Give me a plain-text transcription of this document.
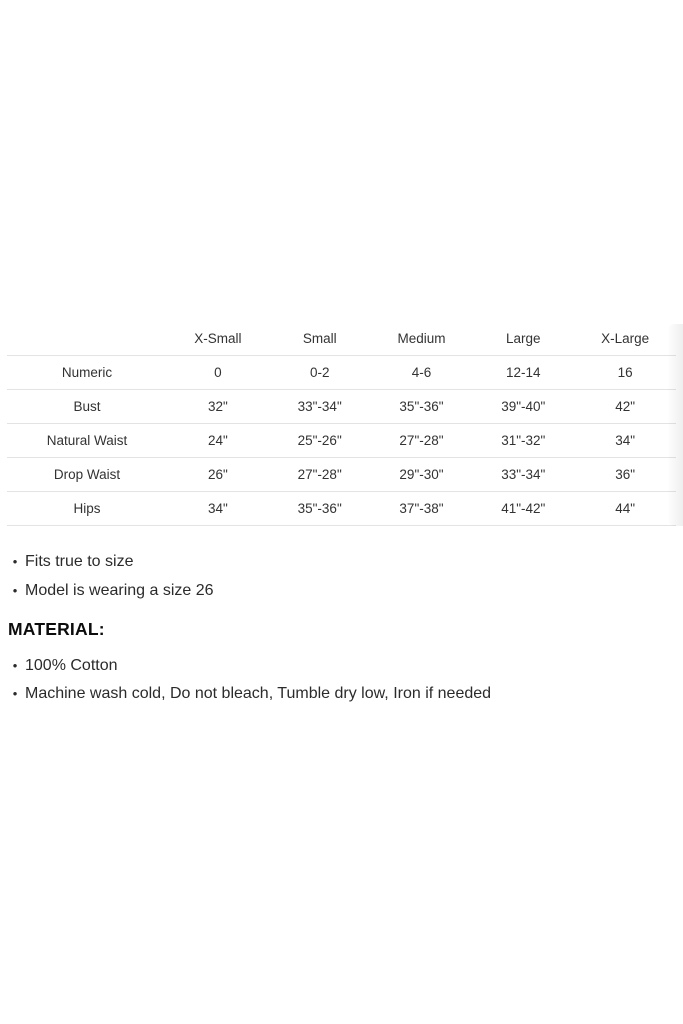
	X-Small	Small	Medium	Large	X-Large
Numeric	0	0-2	4-6	12-14	16
Bust	32"	33"-34"	35"-36"	39"-40"	42"
Natural Waist	24"	25"-26"	27"-28"	31"-32"	34"
Drop Waist	26"	27"-28"	29"-30"	33"-34"	36"
Hips	34"	35"-36"	37"-38"	41"-42"	44"
• Fits true to size
• Model is wearing a size 26
MATERIAL:
• 100% Cotton
• Machine wash cold, Do not bleach, Tumble dry low, Iron if needed
